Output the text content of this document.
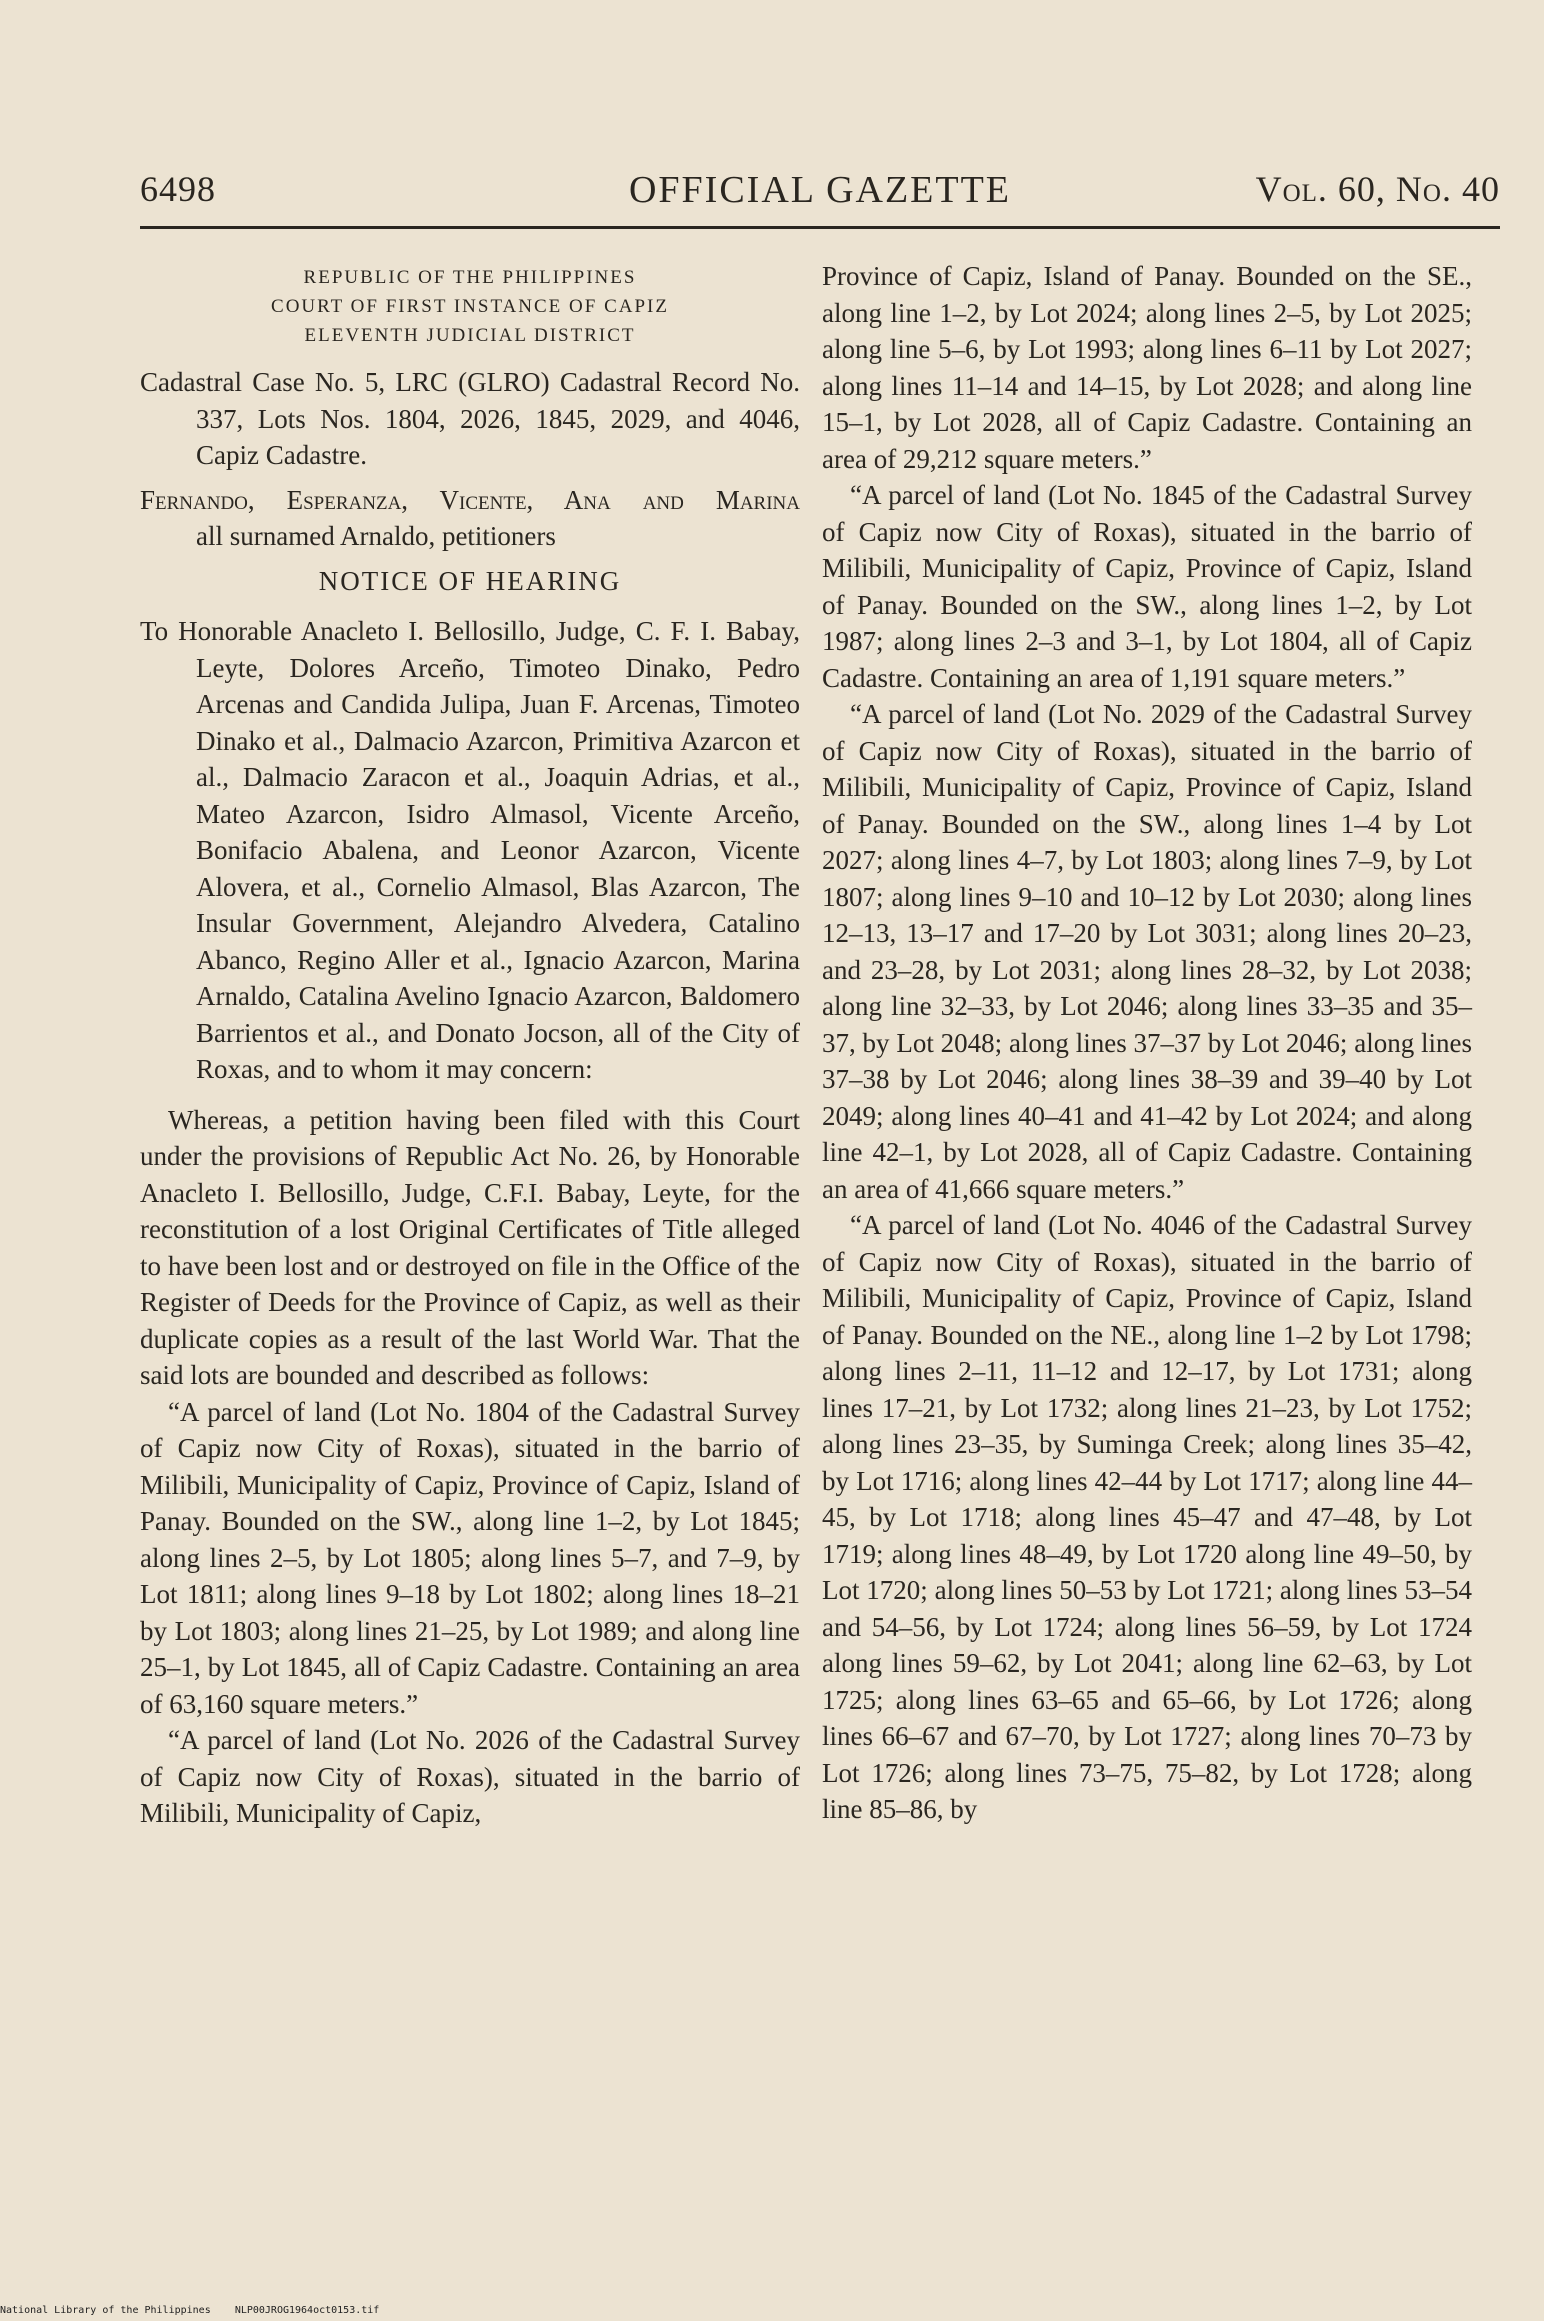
6498	OFFICIAL GAZETTE	Vol. 60, No. 40

REPUBLIC OF THE PHILIPPINES

COURT OF FIRST INSTANCE OF CAPIZ

ELEVENTH JUDICIAL DISTRICT

Cadastral Case No. 5, LRC (GLRO) Cadastral Record No. 337, Lots Nos. 1804, 2026, 1845, 2029, and 4046, Capiz Cadastre.

Fernando, Esperanza, Vicente, Ana and Marina
all surnamed Arnaldo, petitioners
NOTICE OF HEARING

To Honorable Anacleto I. Bellosillo, Judge, C. F. I. Babay, Leyte, Dolores Arceño, Timoteo Dinako, Pedro Arcenas and Candida Julipa, Juan F. Arcenas, Timoteo Dinako et al., Dalmacio Azarcon, Primitiva Azarcon et al., Dalmacio Zaracon et al., Joaquin Adrias, et al., Mateo Azarcon, Isidro Almasol, Vicente Arceño, Bonifacio Abalena, and Leonor Azarcon, Vicente Alovera, et al., Cornelio Almasol, Blas Azarcon, The Insular Government, Alejandro Alvedera, Catalino Abanco, Regino Aller et al., Ignacio Azarcon, Marina Arnaldo, Catalina Avelino Ignacio Azarcon, Baldomero Barrientos et al., and Donato Jocson, all of the City of Roxas, and to whom it may concern:

Whereas, a petition having been filed with this Court under the provisions of Republic Act No. 26, by Honorable Anacleto I. Bellosillo, Judge, C.F.I. Babay, Leyte, for the reconstitution of a lost Original Certificates of Title alleged to have been lost and or destroyed on file in the Office of the Register of Deeds for the Province of Capiz, as well as their duplicate copies as a result of the last World War. That the said lots are bounded and described as follows:

“A parcel of land (Lot No. 1804 of the Cadastral Survey of Capiz now City of Roxas), situated in the barrio of Milibili, Municipality of Capiz, Province of Capiz, Island of Panay. Bounded on the SW., along line 1–2, by Lot 1845; along lines 2–5, by Lot 1805; along lines 5–7, and 7–9, by Lot 1811; along lines 9–18 by Lot 1802; along lines 18–21 by Lot 1803; along lines 21–25, by Lot 1989; and along line 25–1, by Lot 1845, all of Capiz Cadastre. Containing an area of 63,160 square meters.”

“A parcel of land (Lot No. 2026 of the Cadastral Survey of Capiz now City of Roxas), situated in the barrio of Milibili, Municipality of Capiz,

Province of Capiz, Island of Panay. Bounded on the SE., along line 1–2, by Lot 2024; along lines 2–5, by Lot 2025; along line 5–6, by Lot 1993; along lines 6–11 by Lot 2027; along lines 11–14 and 14–15, by Lot 2028; and along line 15–1, by Lot 2028, all of Capiz Cadastre. Containing an area of 29,212 square meters.”

“A parcel of land (Lot No. 1845 of the Cadastral Survey of Capiz now City of Roxas), situated in the barrio of Milibili, Municipality of Capiz, Province of Capiz, Island of Panay. Bounded on the SW., along lines 1–2, by Lot 1987; along lines 2–3 and 3–1, by Lot 1804, all of Capiz Cadastre. Containing an area of 1,191 square meters.”

“A parcel of land (Lot No. 2029 of the Cadastral Survey of Capiz now City of Roxas), situated in the barrio of Milibili, Municipality of Capiz, Province of Capiz, Island of Panay. Bounded on the SW., along lines 1–4 by Lot 2027; along lines 4–7, by Lot 1803; along lines 7–9, by Lot 1807; along lines 9–10 and 10–12 by Lot 2030; along lines 12–13, 13–17 and 17–20 by Lot 3031; along lines 20–23, and 23–28, by Lot 2031; along lines 28–32, by Lot 2038; along line 32–33, by Lot 2046; along lines 33–35 and 35–37, by Lot 2048; along lines 37–37 by Lot 2046; along lines 37–38 by Lot 2046; along lines 38–39 and 39–40 by Lot 2049; along lines 40–41 and 41–42 by Lot 2024; and along line 42–1, by Lot 2028, all of Capiz Cadastre. Containing an area of 41,666 square meters.”

“A parcel of land (Lot No. 4046 of the Cadastral Survey of Capiz now City of Roxas), situated in the barrio of Milibili, Municipality of Capiz, Province of Capiz, Island of Panay. Bounded on the NE., along line 1–2 by Lot 1798; along lines 2–11, 11–12 and 12–17, by Lot 1731; along lines 17–21, by Lot 1732; along lines 21–23, by Lot 1752; along lines 23–35, by Suminga Creek; along lines 35–42, by Lot 1716; along lines 42–44 by Lot 1717; along line 44–45, by Lot 1718; along lines 45–47 and 47–48, by Lot 1719; along lines 48–49, by Lot 1720 along line 49–50, by Lot 1720; along lines 50–53 by Lot 1721; along lines 53–54 and 54–56, by Lot 1724; along lines 56–59, by Lot 1724 along lines 59–62, by Lot 2041; along line 62–63, by Lot 1725; along lines 63–65 and 65–66, by Lot 1726; along lines 66–67 and 67–70, by Lot 1727; along lines 70–73 by Lot 1726; along lines 73–75, 75–82, by Lot 1728; along line 85–86, by

National Library of the Philippines NLP00JROG1964oct0153.tif
